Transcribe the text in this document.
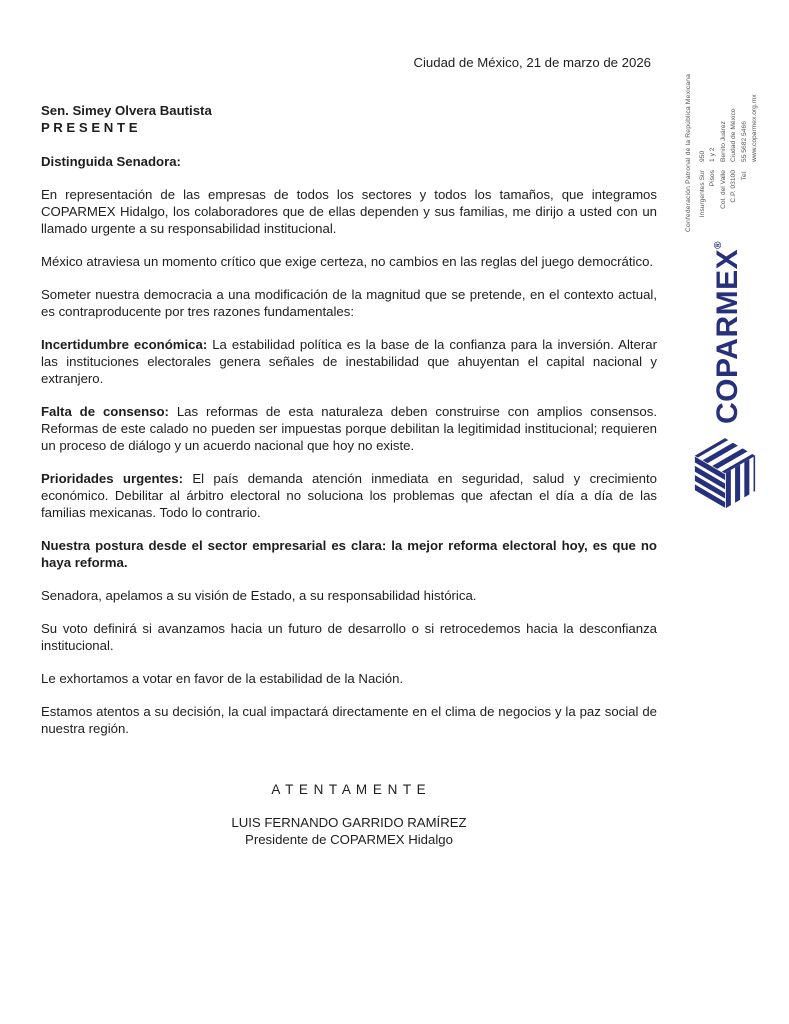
Ciudad de México, 21 de marzo de 2026
Sen. Simey Olvera Bautista
P R E S E N T E
Distinguida Senadora:

En representación de las empresas de todos los sectores y todos los tamaños, que integramos COPARMEX Hidalgo, los colaboradores que de ellas dependen y sus familias, me dirijo a usted con un llamado urgente a su responsabilidad institucional.

México atraviesa un momento crítico que exige certeza, no cambios en las reglas del juego democrático.

Someter nuestra democracia a una modificación de la magnitud que se pretende, en el contexto actual, es contraproducente por tres razones fundamentales:

Incertidumbre económica: La estabilidad política es la base de la confianza para la inversión. Alterar las instituciones electorales genera señales de inestabilidad que ahuyentan el capital nacional y extranjero.

Falta de consenso: Las reformas de esta naturaleza deben construirse con amplios consensos. Reformas de este calado no pueden ser impuestas porque debilitan la legitimidad institucional; requieren un proceso de diálogo y un acuerdo nacional que hoy no existe.

Prioridades urgentes: El país demanda atención inmediata en seguridad, salud y crecimiento económico. Debilitar al árbitro electoral no soluciona los problemas que afectan el día a día de las familias mexicanas. Todo lo contrario.

Nuestra postura desde el sector empresarial es clara: la mejor reforma electoral hoy, es que no haya reforma.

Senadora, apelamos a su visión de Estado, a su responsabilidad histórica.

Su voto definirá si avanzamos hacia un futuro de desarrollo o si retrocedemos hacia la desconfianza institucional.

Le exhortamos a votar en favor de la estabilidad de la Nación.

Estamos atentos a su decisión, la cual impactará directamente en el clima de negocios y la paz social de nuestra región.

A T E N T A M E N T E
LUIS FERNANDO GARRIDO RAMÍREZ
Presidente de COPARMEX Hidalgo
Confederación Patronal de la República Mexicana Insurgentes Sur
950
Pisos
1 y 2
Col. del Valle
Benito Juárez
C.P. 03100
Ciudad de México
Tel.
55 5682 5466 www.coparmex.org.mx
COPARMEX®
